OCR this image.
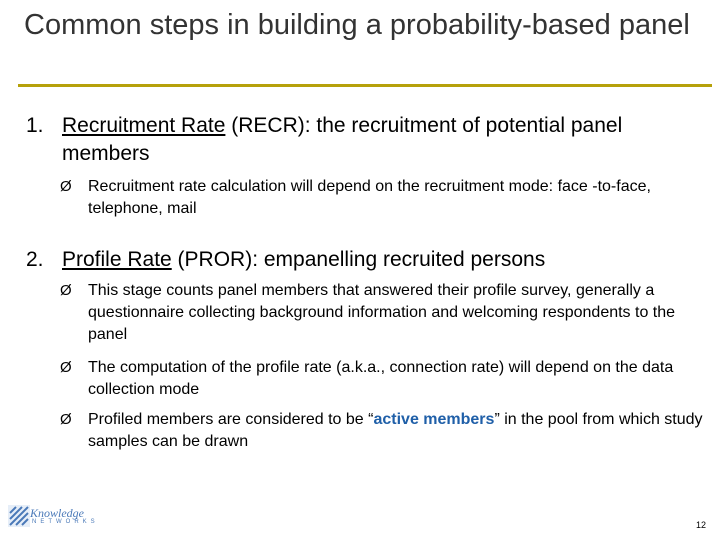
Common steps in building a probability-based panel
1. Recruitment Rate (RECR): the recruitment of potential panel members
Ø Recruitment rate calculation will depend on the recruitment mode: face -to-face, telephone, mail
2. Profile Rate (PROR): empanelling recruited persons
Ø This stage counts panel members that answered their profile survey, generally a questionnaire collecting background information and welcoming respondents to the panel
Ø The computation of the profile rate (a.k.a., connection rate) will depend on the data collection mode
Ø Profiled members are considered to be “active members” in the pool from which study samples can be drawn
Knowledge
NETWORKS	12
